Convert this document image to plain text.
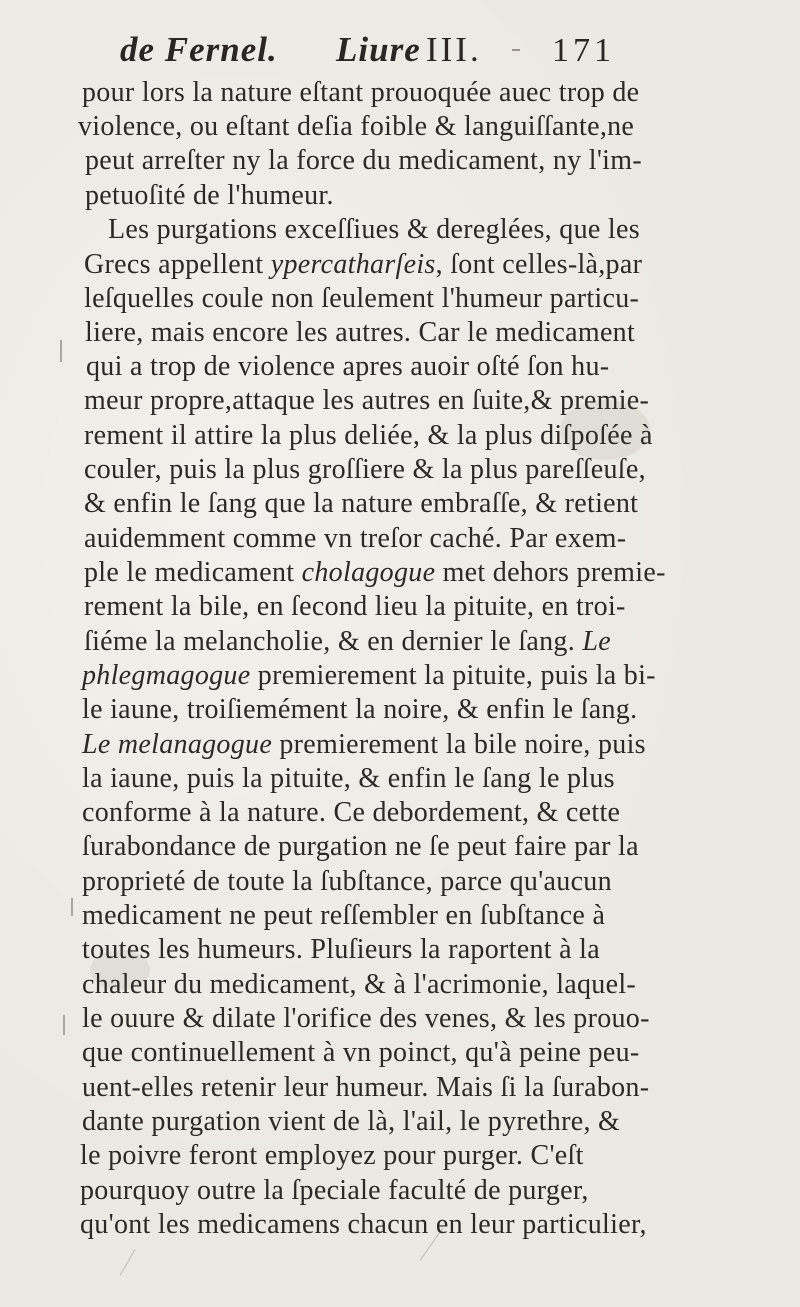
de Fernel. Liure III. 171
pour lors la nature eſtant prouoquée auec trop de
violence, ou eſtant deſia foible & languiſſante,ne
peut arreſter ny la force du medicament, ny l'im-
petuoſité de l'humeur.
Les purgations exceſſiues & dereglées, que les
Grecs appellent ypercatharſeis, ſont celles-là,par
leſquelles coule non ſeulement l'humeur particu-
liere, mais encore les autres. Car le medicament
qui a trop de violence apres auoir oſté ſon hu-
meur propre,attaque les autres en ſuite,& premie-
rement il attire la plus deliée, & la plus diſpoſée à
couler, puis la plus groſſiere & la plus pareſſeuſe,
& enfin le ſang que la nature embraſſe, & retient
auidemment comme vn treſor caché. Par exem-
ple le medicament cholagogue met dehors premie-
rement la bile, en ſecond lieu la pituite, en troi-
ſiéme la melancholie, & en dernier le ſang. Le
phlegmagogue premierement la pituite, puis la bi-
le iaune, troiſiemément la noire, & enfin le ſang.
Le melanagogue premierement la bile noire, puis
la iaune, puis la pituite, & enfin le ſang le plus
conforme à la nature. Ce debordement, & cette
ſurabondance de purgation ne ſe peut faire par la
proprieté de toute la ſubſtance, parce qu'aucun
medicament ne peut reſſembler en ſubſtance à
toutes les humeurs. Pluſieurs la raportent à la
chaleur du medicament, & à l'acrimonie, laquel-
le ouure & dilate l'orifice des venes, & les prouo-
que continuellement à vn poinct, qu'à peine peu-
uent-elles retenir leur humeur. Mais ſi la ſurabon-
dante purgation vient de là, l'ail, le pyrethre, &
le poivre feront employez pour purger. C'eſt
pourquoy outre la ſpeciale faculté de purger,
qu'ont les medicamens chacun en leur particulier,
